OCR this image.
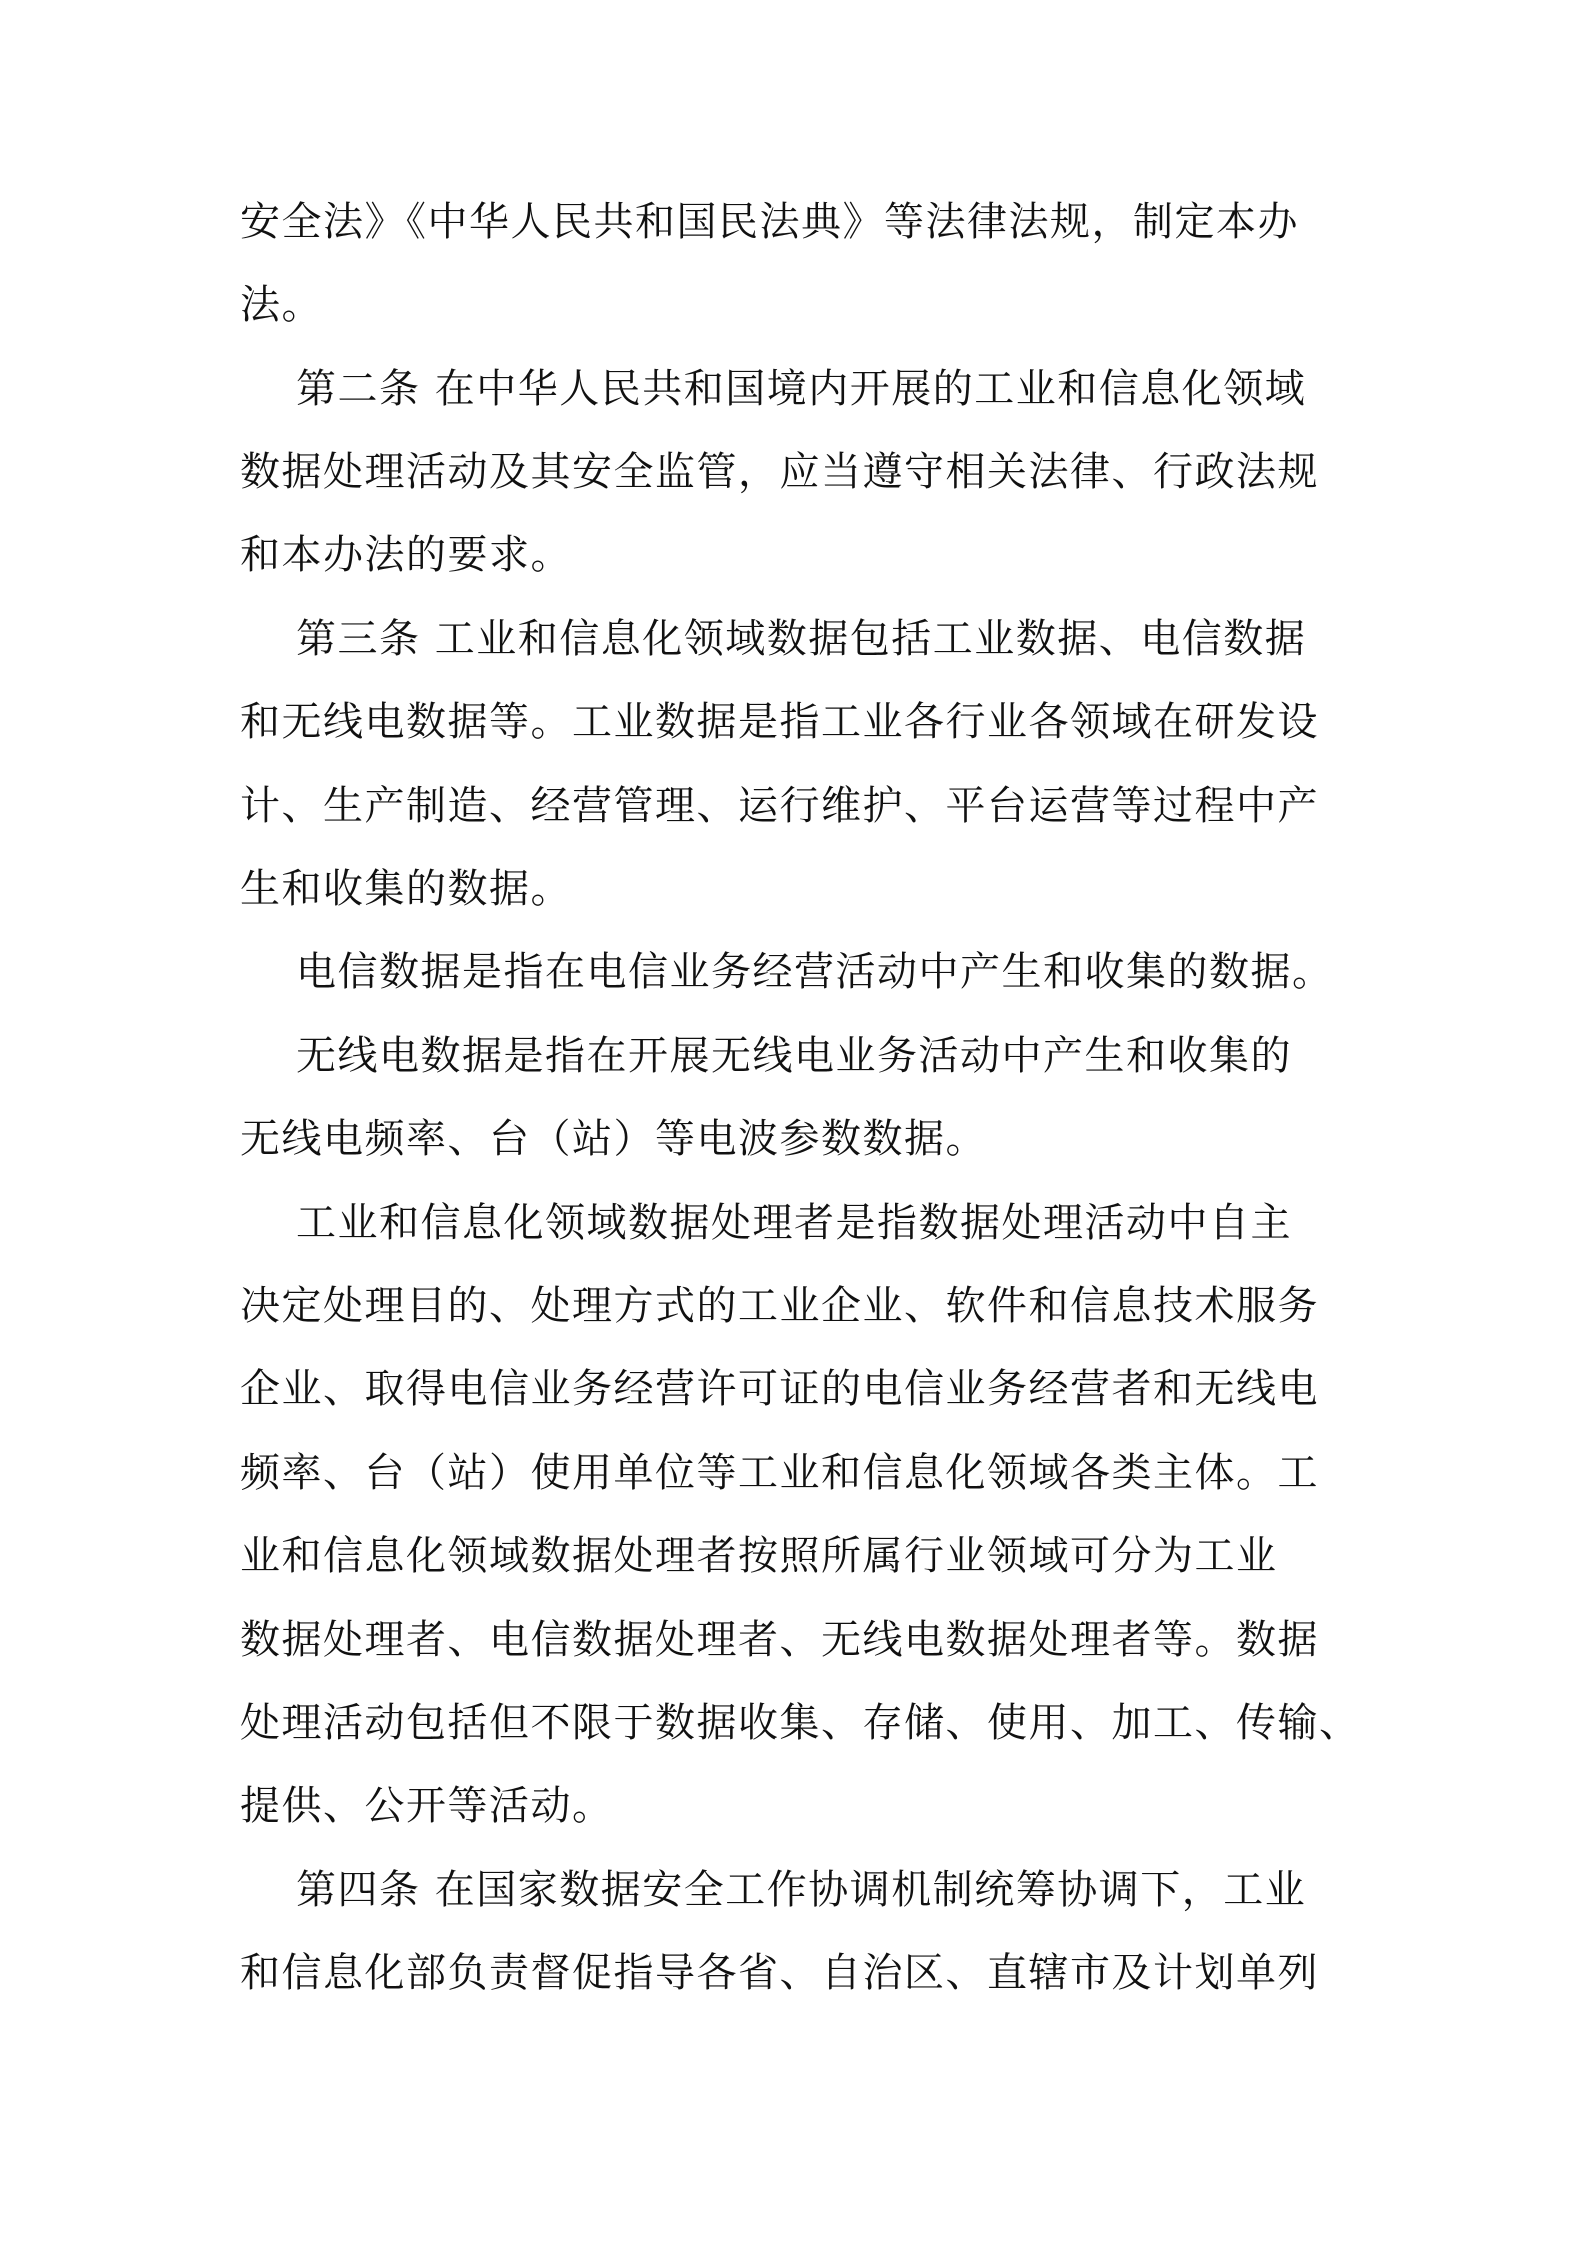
安全法》《中华人民共和国民法典》等法律法规，制定本办
法。
第二条 在中华人民共和国境内开展的工业和信息化领域
数据处理活动及其安全监管，应当遵守相关法律、行政法规
和本办法的要求。
第三条 工业和信息化领域数据包括工业数据、电信数据
和无线电数据等。工业数据是指工业各行业各领域在研发设
计、生产制造、经营管理、运行维护、平台运营等过程中产
生和收集的数据。
电信数据是指在电信业务经营活动中产生和收集的数据。
无线电数据是指在开展无线电业务活动中产生和收集的
无线电频率、台（站）等电波参数数据。
工业和信息化领域数据处理者是指数据处理活动中自主
决定处理目的、处理方式的工业企业、软件和信息技术服务
企业、取得电信业务经营许可证的电信业务经营者和无线电
频率、台（站）使用单位等工业和信息化领域各类主体。工
业和信息化领域数据处理者按照所属行业领域可分为工业
数据处理者、电信数据处理者、无线电数据处理者等。数据
处理活动包括但不限于数据收集、存储、使用、加工、传输、
提供、公开等活动。
第四条 在国家数据安全工作协调机制统筹协调下，工业
和信息化部负责督促指导各省、自治区、直辖市及计划单列
